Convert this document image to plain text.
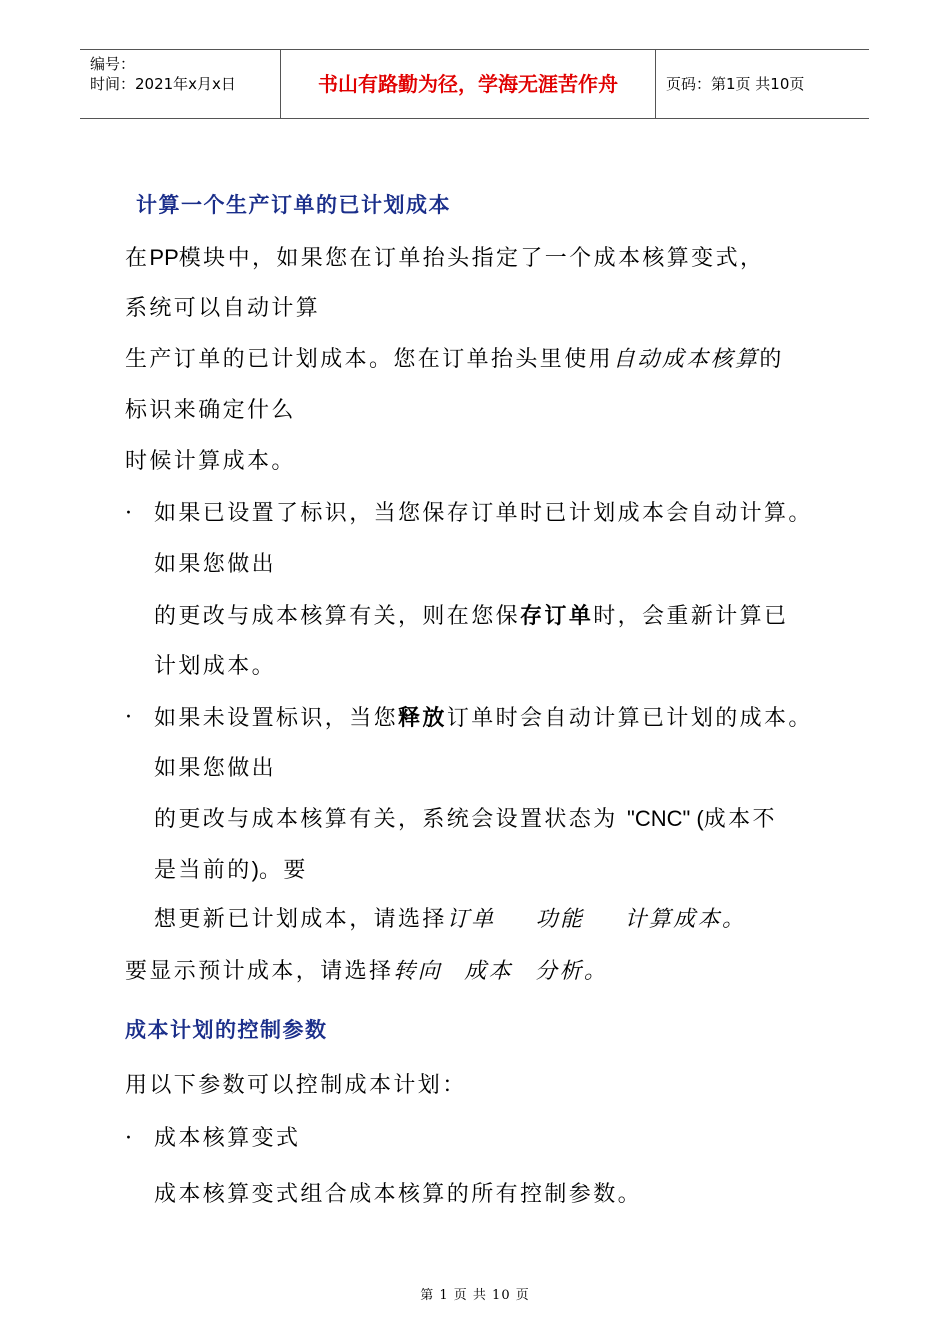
编号：
时间：2021年x月x日	书山有路勤为径，学海无涯苦作舟	页码：第1页 共10页
计算一个生产订单的已计划成本
在PP模块中，如果您在订单抬头指定了一个成本核算变式，
系统可以自动计算
生产订单的已计划成本。您在订单抬头里使用自动成本核算的
标识来确定什么
时候计算成本。
· 如果已设置了标识，当您保存订单时已计划成本会自动计算。
如果您做出
的更改与成本核算有关，则在您保存订单时，会重新计算已
计划成本。
· 如果未设置标识，当您释放订单时会自动计算已计划的成本。
如果您做出
的更改与成本核算有关，系统会设置状态为 "CNC" (成本不
是当前的)。要
想更新已计划成本，请选择订单 功能 计算成本。
要显示预计成本，请选择转向 成本 分析。
成本计划的控制参数
用以下参数可以控制成本计划：
· 成本核算变式
成本核算变式组合成本核算的所有控制参数。
第 1 页 共 10 页
